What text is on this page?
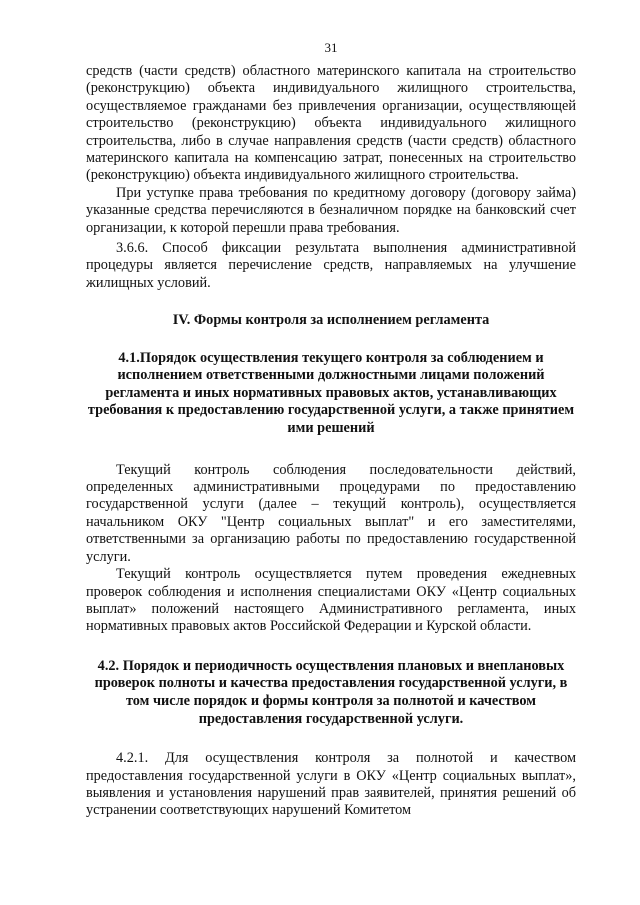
31

средств (части средств) областного материнского капитала на строительство (реконструкцию) объекта индивидуального жилищного строительства, осуществляемое гражданами без привлечения организации, осуществляющей строительство (реконструкцию) объекта индивидуального жилищного строительства, либо в случае направления средств (части средств) областного материнского капитала на компенсацию затрат, понесенных на строительство (реконструкцию) объекта индивидуального жилищного строительства.

При уступке права требования по кредитному договору (договору займа) указанные средства перечисляются в безналичном порядке на банковский счет организации, к которой перешли права требования.

3.6.6. Способ фиксации результата выполнения административной процедуры является перечисление средств, направляемых на улучшение жилищных условий.

IV. Формы контроля за исполнением регламента

4.1.Порядок осуществления текущего контроля за соблюдением и исполнением ответственными должностными лицами положений регламента и иных нормативных правовых актов, устанавливающих требования к предоставлению государственной услуги, а также принятием ими решений

Текущий контроль соблюдения последовательности действий, определенных административными процедурами по предоставлению государственной услуги (далее – текущий контроль), осуществляется начальником ОКУ "Центр социальных выплат" и его заместителями, ответственными за организацию работы по предоставлению государственной услуги.

Текущий контроль осуществляется путем проведения ежедневных проверок соблюдения и исполнения специалистами ОКУ «Центр социальных выплат» положений настоящего Административного регламента, иных нормативных правовых актов Российской Федерации и Курской области.

4.2. Порядок и периодичность осуществления плановых и внеплановых проверок полноты и качества предоставления государственной услуги, в том числе порядок и формы контроля за полнотой и качеством предоставления государственной услуги.

4.2.1. Для осуществления контроля за полнотой и качеством предоставления государственной услуги в ОКУ «Центр социальных выплат», выявления и установления нарушений прав заявителей, принятия решений об устранении соответствующих нарушений Комитетом
